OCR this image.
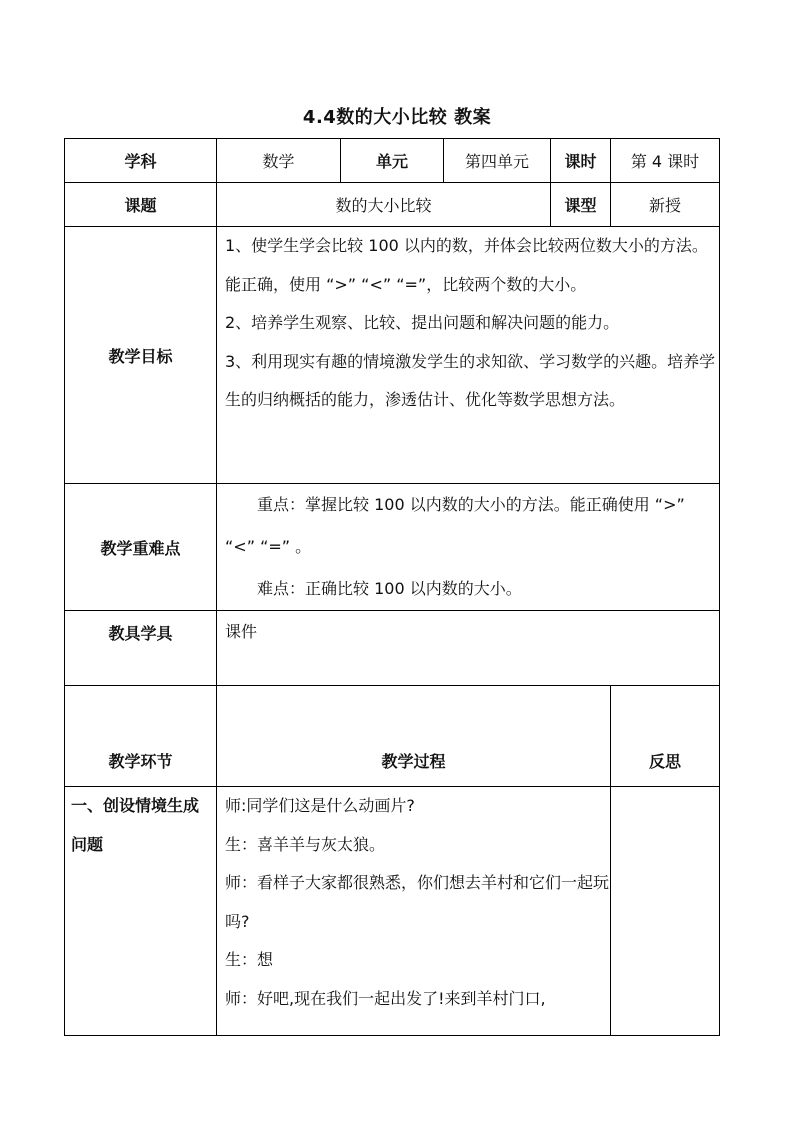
4.4数的大小比较 教案
学科	数学	单元	第四单元	课时	第 4 课时
课题	数的大小比较			课型	新授
教学目标	1、使学生学会比较 100 以内的数，并体会比较两位数大小的方法。能正确，使用 “>” “<” “=”，比较两个数的大小。

2、培养学生观察、比较、提出问题和解决问题的能力。

3、利用现实有趣的情境激发学生的求知欲、学习数学的兴趣。培养学生的归纳概括的能力，渗透估计、优化等数学思想方法。				

教学重难点	重点：掌握比较 100 以内数的大小的方法。能正确使用 “>” “<” “=” 。

难点：正确比较 100 以内数的大小。				

教具学具	课件				
教学环节	教学过程				反思
一、创设情境生成问题	师:同学们这是什么动画片?

生：喜羊羊与灰太狼。

师：看样子大家都很熟悉，你们想去羊村和它们一起玩吗?

生：想

师：好吧,现在我们一起出发了!来到羊村门口,				
